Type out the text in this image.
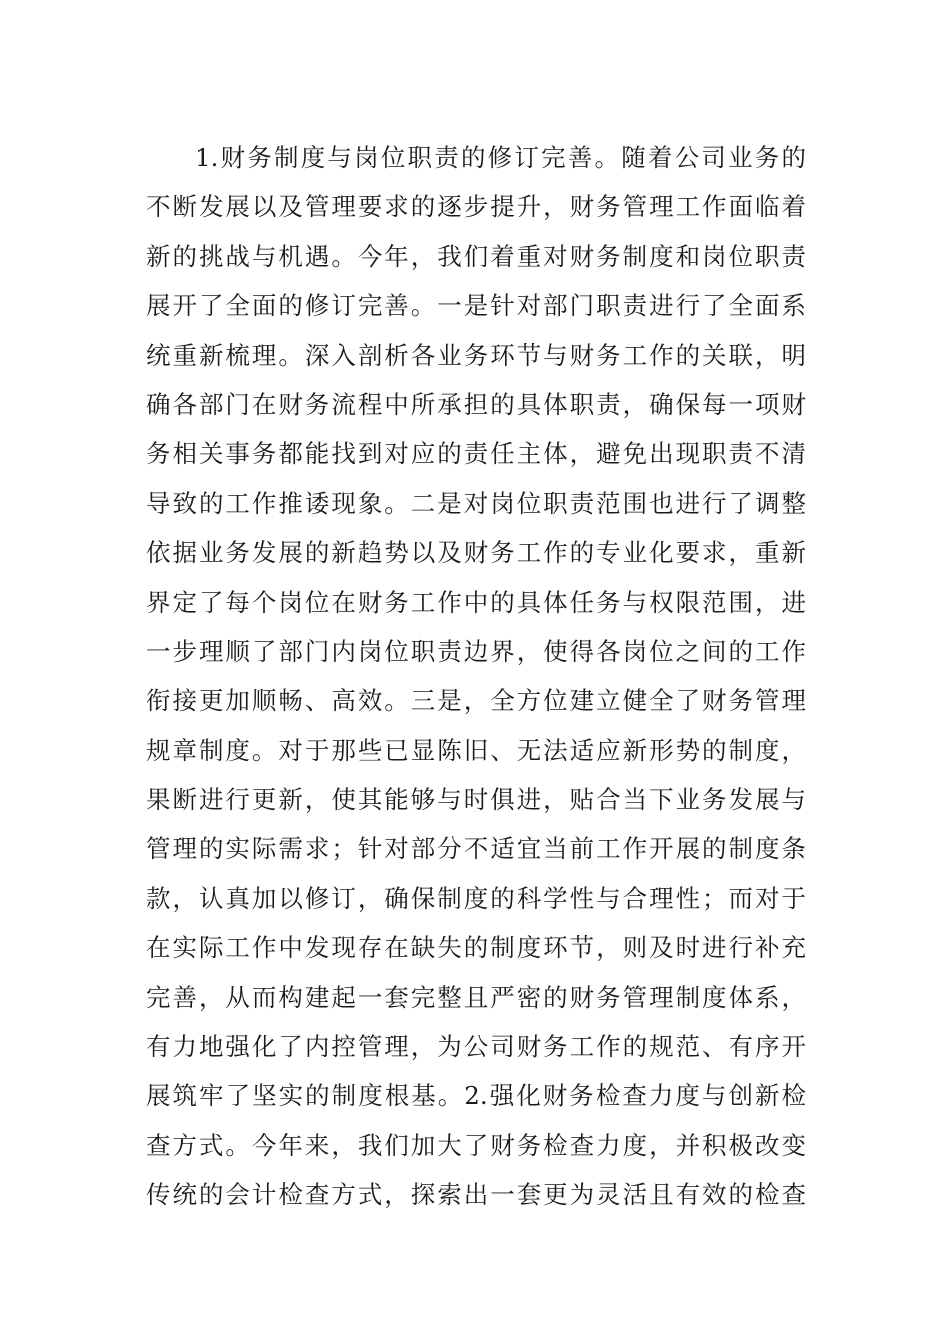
1.财务制度与岗位职责的修订完善。随着公司业务的
不断发展以及管理要求的逐步提升，财务管理工作面临着
新的挑战与机遇。今年，我们着重对财务制度和岗位职责
展开了全面的修订完善。一是针对部门职责进行了全面系
统重新梳理。深入剖析各业务环节与财务工作的关联，明
确各部门在财务流程中所承担的具体职责，确保每一项财
务相关事务都能找到对应的责任主体，避免出现职责不清
导致的工作推诿现象。二是对岗位职责范围也进行了调整
依据业务发展的新趋势以及财务工作的专业化要求，重新
界定了每个岗位在财务工作中的具体任务与权限范围，进
一步理顺了部门内岗位职责边界，使得各岗位之间的工作
衔接更加顺畅、高效。三是，全方位建立健全了财务管理
规章制度。对于那些已显陈旧、无法适应新形势的制度，
果断进行更新，使其能够与时俱进，贴合当下业务发展与
管理的实际需求；针对部分不适宜当前工作开展的制度条
款，认真加以修订，确保制度的科学性与合理性；而对于
在实际工作中发现存在缺失的制度环节，则及时进行补充
完善，从而构建起一套完整且严密的财务管理制度体系，
有力地强化了内控管理，为公司财务工作的规范、有序开
展筑牢了坚实的制度根基。2.强化财务检查力度与创新检
查方式。今年来，我们加大了财务检查力度，并积极改变
传统的会计检查方式，探索出一套更为灵活且有效的检查
